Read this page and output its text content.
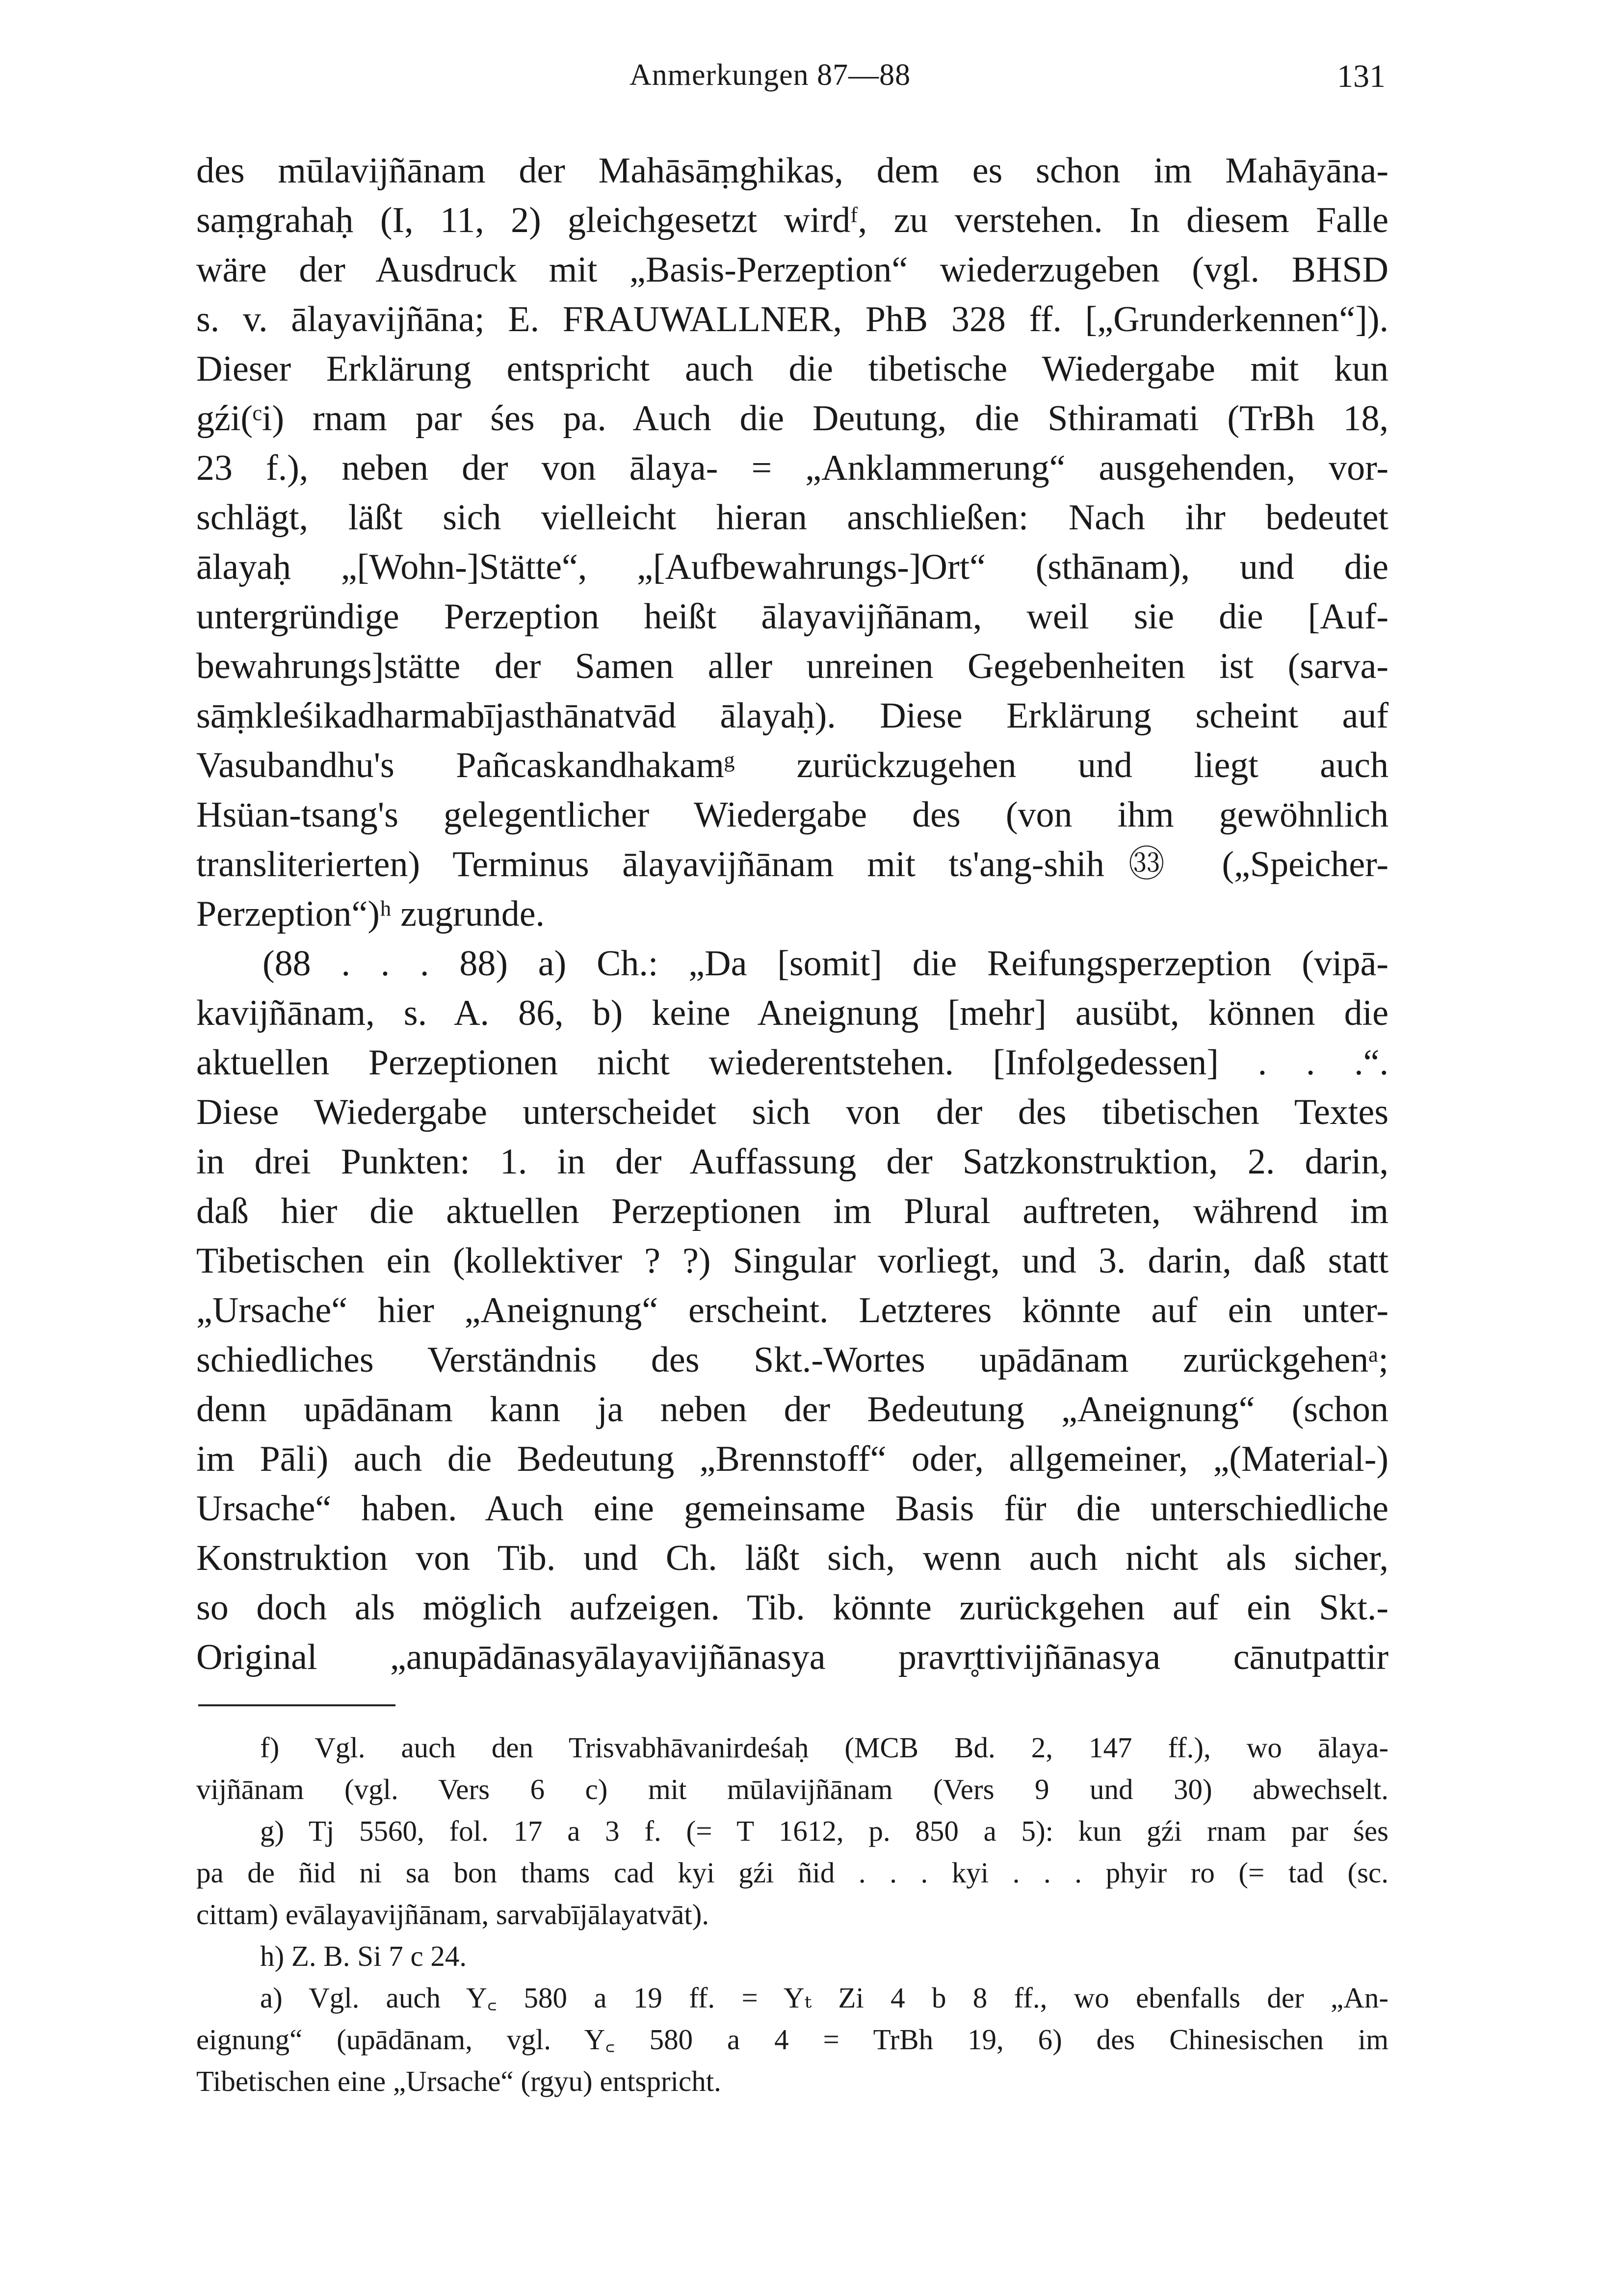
Anmerkungen 87—88	131
des mūlavijñānam der Mahāsāṃghikas, dem es schon im Mahāyāna-
saṃgrahaḥ (I, 11, 2) gleichgesetzt wirdᶠ, zu verstehen. In diesem Falle
wäre der Ausdruck mit „Basis-Perzeption“ wiederzugeben (vgl. BHSD
s. v. ālayavijñāna; E. FRAUWALLNER, PhB 328 ff. [„Grunderkennen“]).
Dieser Erklärung entspricht auch die tibetische Wiedergabe mit kun
gźi(ᶜi) rnam par śes pa. Auch die Deutung, die Sthiramati (TrBh 18,
23 f.), neben der von ālaya- = „Anklammerung“ ausgehenden, vor-
schlägt, läßt sich vielleicht hieran anschließen: Nach ihr bedeutet
ālayaḥ „[Wohn-]Stätte“, „[Aufbewahrungs-]Ort“ (sthānam), und die
untergründige Perzeption heißt ālayavijñānam, weil sie die [Auf-
bewahrungs]stätte der Samen aller unreinen Gegebenheiten ist (sarva-
sāṃkleśikadharmabījasthānatvād ālayaḥ). Diese Erklärung scheint auf
Vasubandhu's Pañcaskandhakamᵍ zurückzugehen und liegt auch
Hsüan-tsang's gelegentlicher Wiedergabe des (von ihm gewöhnlich
transliterierten) Terminus ālayavijñānam mit ts'ang-shih㉝ („Speicher-
Perzeption“)ʰ zugrunde.
(88 . . . 88) a) Ch.: „Da [somit] die Reifungsperzeption (vipā-
kavijñānam, s. A. 86, b) keine Aneignung [mehr] ausübt, können die
aktuellen Perzeptionen nicht wiederentstehen. [Infolgedessen] . . .“.
Diese Wiedergabe unterscheidet sich von der des tibetischen Textes
in drei Punkten: 1. in der Auffassung der Satzkonstruktion, 2. darin,
daß hier die aktuellen Perzeptionen im Plural auftreten, während im
Tibetischen ein (kollektiver ? ?) Singular vorliegt, und 3. darin, daß statt
„Ursache“ hier „Aneignung“ erscheint. Letzteres könnte auf ein unter-
schiedliches Verständnis des Skt.-Wortes upādānam zurückgehenᵃ;
denn upādānam kann ja neben der Bedeutung „Aneignung“ (schon
im Pāli) auch die Bedeutung „Brennstoff“ oder, allgemeiner, „(Material-)
Ursache“ haben. Auch eine gemeinsame Basis für die unterschiedliche
Konstruktion von Tib. und Ch. läßt sich, wenn auch nicht als sicher,
so doch als möglich aufzeigen. Tib. könnte zurückgehen auf ein Skt.-
Original „anupādānasyālayavijñānasya pravr̥ttivijñānasya cānutpattir
f) Vgl. auch den Trisvabhāvanirdeśaḥ (MCB Bd. 2, 147 ff.), wo ālaya-
vijñānam (vgl. Vers 6 c) mit mūlavijñānam (Vers 9 und 30) abwechselt.
g) Tj 5560, fol. 17 a 3 f. (= T 1612, p. 850 a 5): kun gźi rnam par śes
pa de ñid ni sa bon thams cad kyi gźi ñid . . . kyi . . . phyir ro (= tad (sc.
cittam) evālayavijñānam, sarvabījālayatvāt).
h) Z. B. Si 7 c 24.
a) Vgl. auch Y꜀ 580 a 19 ff. = Yₜ Zi 4 b 8 ff., wo ebenfalls der „An-
eignung“ (upādānam, vgl. Y꜀ 580 a 4 = TrBh 19, 6) des Chinesischen im
Tibetischen eine „Ursache“ (rgyu) entspricht.
